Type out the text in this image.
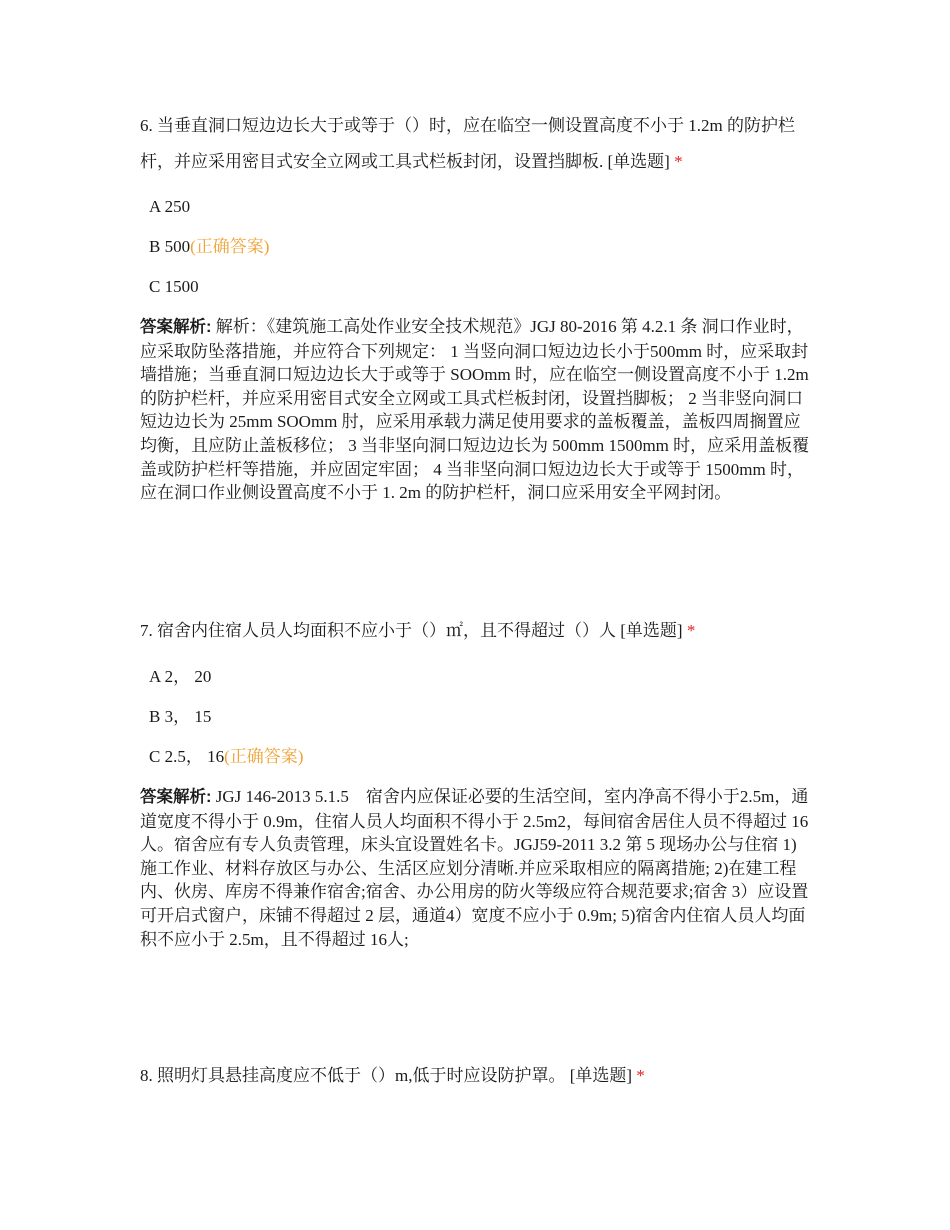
6. 当垂直洞口短边边长大于或等于（）时，应在临空一侧设置高度不小于 1.2m 的防护栏杆，并应采用密目式安全立网或工具式栏板封闭，设置挡脚板. [单选题] *

A 250
B 500(正确答案)
C 1500

答案解析: 解析：《建筑施工高处作业安全技术规范》JGJ 80-2016 第 4.2.1 条 洞口作业时，应采取防坠落措施，并应符合下列规定： 1 当竖向洞口短边边长小于500mm 时，应采取封墙措施；当垂直洞口短边边长大于或等于 SOOmm 时，应在临空一侧设置高度不小于 1.2m 的防护栏杆，并应采用密目式安全立网或工具式栏板封闭，设置挡脚板； 2 当非竖向洞口短边边长为 25mm SOOmm 肘，应采用承载力满足使用要求的盖板覆盖，盖板四周搁置应均衡，且应防止盖板移位； 3 当非坚向洞口短边边长为 500mm 1500mm 时，应采用盖板覆盖或防护栏杆等措施，并应固定牢固； 4 当非坚向洞口短边边长大于或等于 1500mm 时，应在洞口作业侧设置高度不小于 1. 2m 的防护栏杆，洞口应采用安全平网封闭。

7. 宿舍内住宿人员人均面积不应小于（）㎡，且不得超过（）人 [单选题] *

A 2， 20
B 3， 15
C 2.5， 16(正确答案)

答案解析: JGJ 146-2013 5.1.5　宿舍内应保证必要的生活空间，室内净高不得小于2.5m，通道宽度不得小于 0.9m，住宿人员人均面积不得小于 2.5m2，每间宿舍居住人员不得超过 16 人。宿舍应有专人负责管理，床头宜设置姓名卡。JGJ59-2011 3.2 第 5 现场办公与住宿 1) 施工作业、材料存放区与办公、生活区应划分清晰.并应采取相应的隔离措施; 2)在建工程内、伙房、库房不得兼作宿舍;宿舍、办公用房的防火等级应符合规范要求;宿舍 3）应设置可开启式窗户，床铺不得超过 2 层，通道4）宽度不应小于 0.9m; 5)宿舍内住宿人员人均面积不应小于 2.5m，且不得超过 16人;

8. 照明灯具悬挂高度应不低于（）m,低于时应设防护罩。 [单选题] *
